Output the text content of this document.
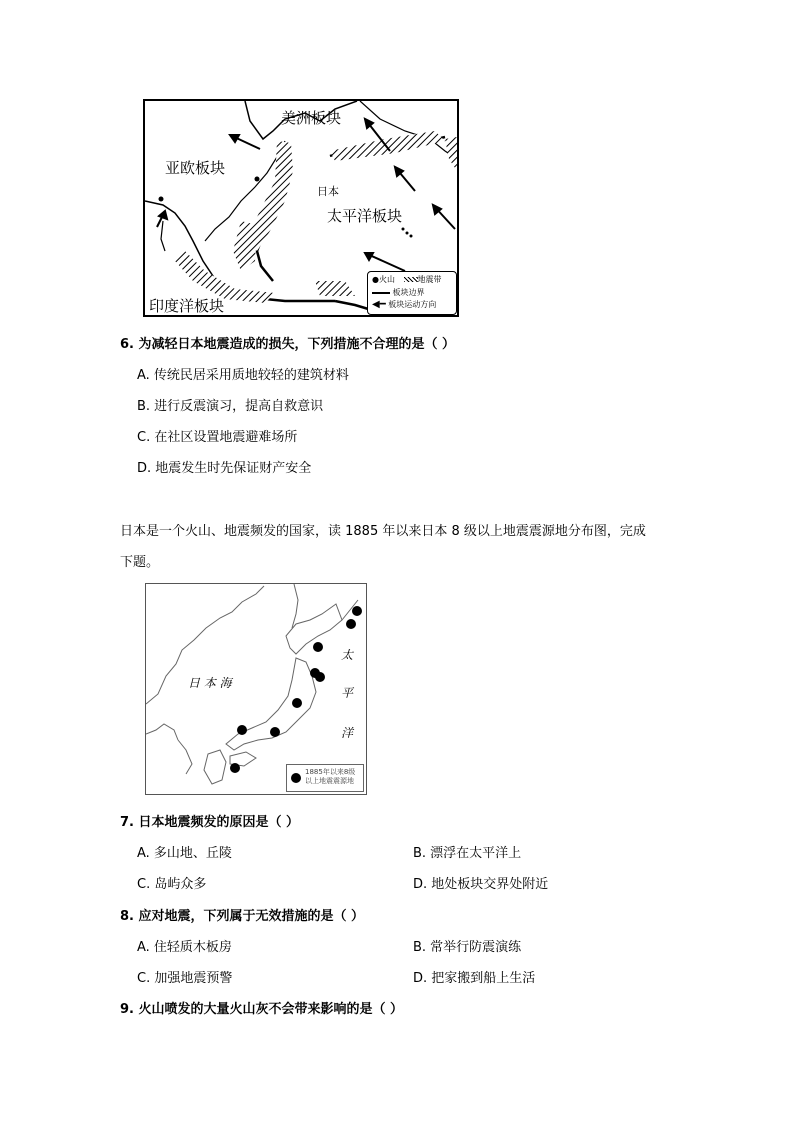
美洲板块
亚欧板块
日本
太平洋板块
印度洋板块
●火山	地震带
板块边界
◀━ 板块运动方向
6. 为减轻日本地震造成的损失，下列措施不合理的是（ ）
A. 传统民居采用质地较轻的建筑材料
B. 进行反震演习，提高自救意识
C. 在社区设置地震避难场所
D. 地震发生时先保证财产安全
日本是一个火山、地震频发的国家，读 1885 年以来日本 8 级以上地震震源地分布图，完成
下题。
日 本 海
太
平
洋
1885年以来8级以上地震震源地
7. 日本地震频发的原因是（ ）
A. 多山地、丘陵	B. 漂浮在太平洋上
C. 岛屿众多	D. 地处板块交界处附近
8. 应对地震，下列属于无效措施的是（ ）
A. 住轻质木板房	B. 常举行防震演练
C. 加强地震预警	D. 把家搬到船上生活
9. 火山喷发的大量火山灰不会带来影响的是（ ）
